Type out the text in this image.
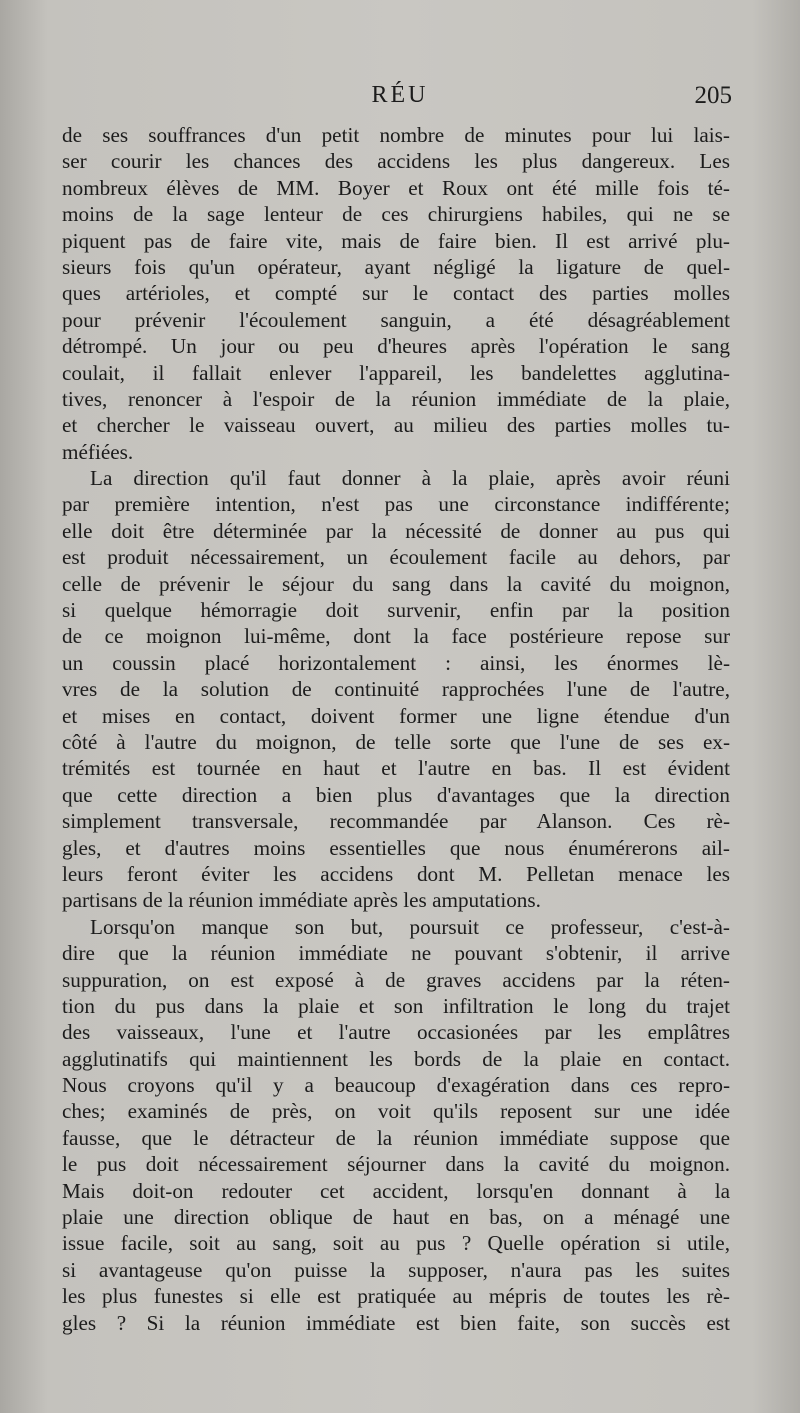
RÉU	205
de ses souffrances d'un petit nombre de minutes pour lui lais-
ser courir les chances des accidens les plus dangereux. Les
nombreux élèves de MM. Boyer et Roux ont été mille fois té-
moins de la sage lenteur de ces chirurgiens habiles, qui ne se
piquent pas de faire vite, mais de faire bien. Il est arrivé plu-
sieurs fois qu'un opérateur, ayant négligé la ligature de quel-
ques artérioles, et compté sur le contact des parties molles
pour prévenir l'écoulement sanguin, a été désagréablement
détrompé. Un jour ou peu d'heures après l'opération le sang
coulait, il fallait enlever l'appareil, les bandelettes agglutina-
tives, renoncer à l'espoir de la réunion immédiate de la plaie,
et chercher le vaisseau ouvert, au milieu des parties molles tu-
méfiées.
La direction qu'il faut donner à la plaie, après avoir réuni
par première intention, n'est pas une circonstance indifférente;
elle doit être déterminée par la nécessité de donner au pus qui
est produit nécessairement, un écoulement facile au dehors, par
celle de prévenir le séjour du sang dans la cavité du moignon,
si quelque hémorragie doit survenir, enfin par la position
de ce moignon lui-même, dont la face postérieure repose sur
un coussin placé horizontalement : ainsi, les énormes lè-
vres de la solution de continuité rapprochées l'une de l'autre,
et mises en contact, doivent former une ligne étendue d'un
côté à l'autre du moignon, de telle sorte que l'une de ses ex-
trémités est tournée en haut et l'autre en bas. Il est évident
que cette direction a bien plus d'avantages que la direction
simplement transversale, recommandée par Alanson. Ces rè-
gles, et d'autres moins essentielles que nous énumérerons ail-
leurs feront éviter les accidens dont M. Pelletan menace les
partisans de la réunion immédiate après les amputations.
Lorsqu'on manque son but, poursuit ce professeur, c'est-à-
dire que la réunion immédiate ne pouvant s'obtenir, il arrive
suppuration, on est exposé à de graves accidens par la réten-
tion du pus dans la plaie et son infiltration le long du trajet
des vaisseaux, l'une et l'autre occasionées par les emplâtres
agglutinatifs qui maintiennent les bords de la plaie en contact.
Nous croyons qu'il y a beaucoup d'exagération dans ces repro-
ches; examinés de près, on voit qu'ils reposent sur une idée
fausse, que le détracteur de la réunion immédiate suppose que
le pus doit nécessairement séjourner dans la cavité du moignon.
Mais doit-on redouter cet accident, lorsqu'en donnant à la
plaie une direction oblique de haut en bas, on a ménagé une
issue facile, soit au sang, soit au pus ? Quelle opération si utile,
si avantageuse qu'on puisse la supposer, n'aura pas les suites
les plus funestes si elle est pratiquée au mépris de toutes les rè-
gles ? Si la réunion immédiate est bien faite, son succès est
